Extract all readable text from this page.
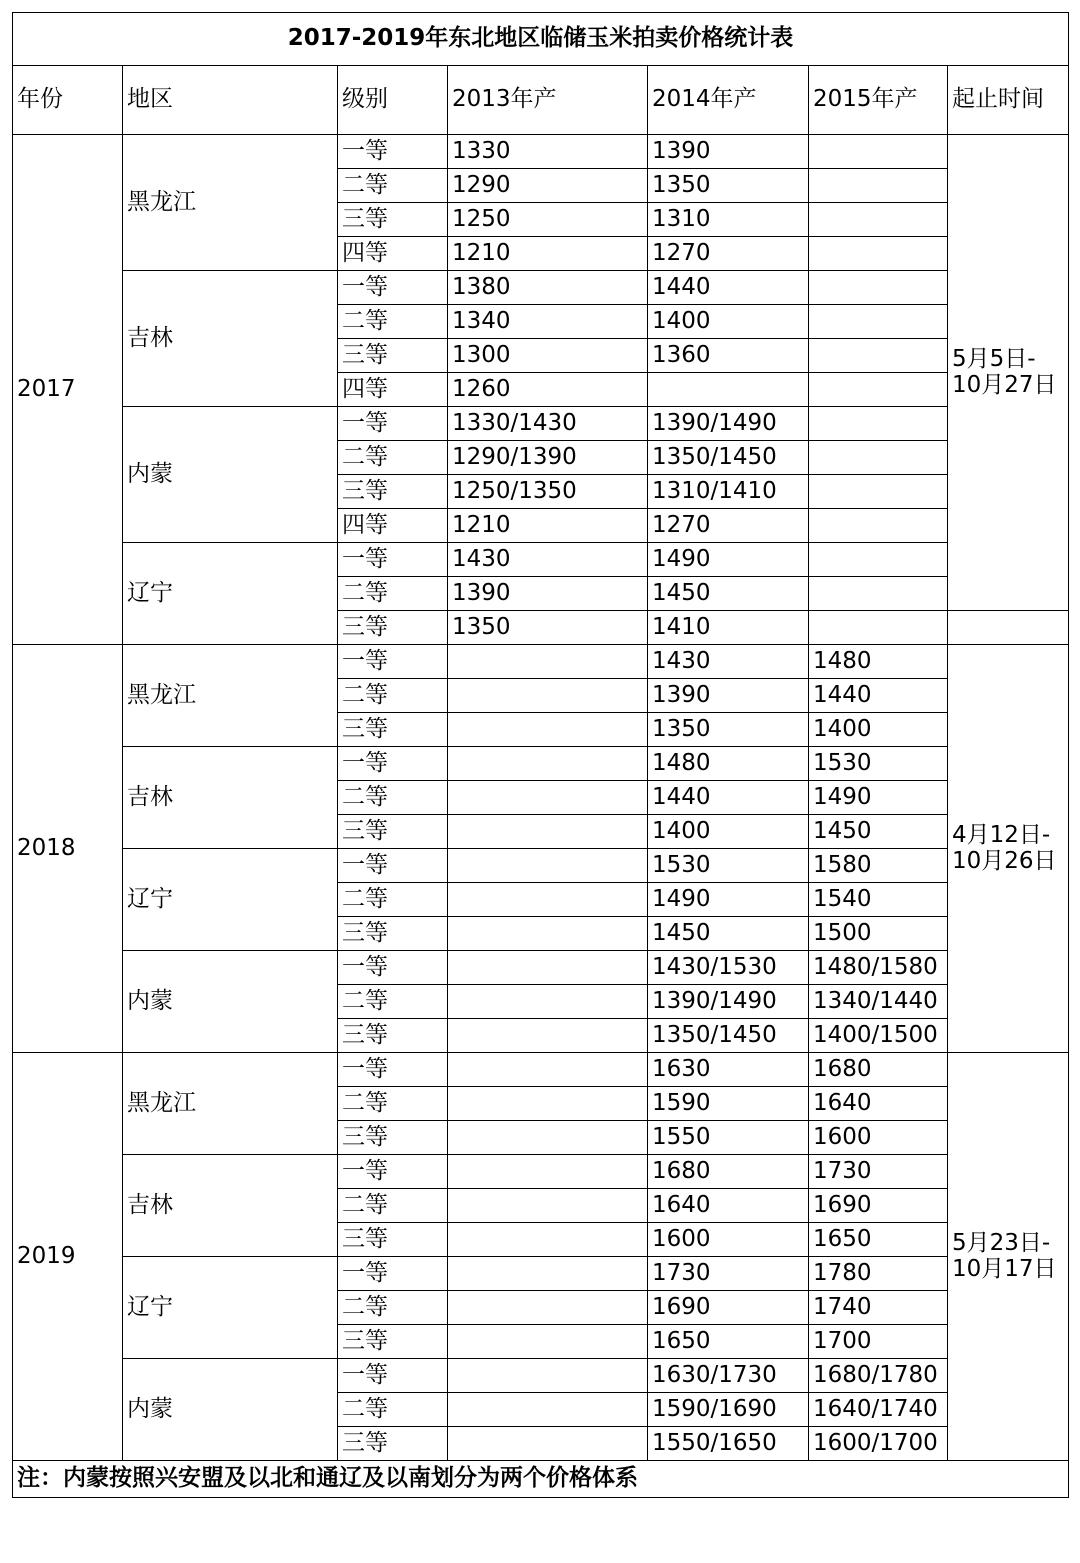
2017-2019年东北地区临储玉米拍卖价格统计表						
年份	地区	级别	2013年产	2014年产	2015年产	起止时间
2017	黑龙江	一等	1330	1390		5月5日-
10月27日

		二等	1290	1350		
		三等	1250	1310		
		四等	1210	1270		
	吉林	一等	1380	1440		
		二等	1340	1400		
		三等	1300	1360		
		四等	1260			
	内蒙	一等	1330/1430	1390/1490		
		二等	1290/1390	1350/1450		
		三等	1250/1350	1310/1410		
		四等	1210	1270		
	辽宁	一等	1430	1490		
		二等	1390	1450		
		三等	1350	1410		
2018	黑龙江	一等		1430	1480	4月12日-
10月26日

		二等		1390	1440	
		三等		1350	1400	
	吉林	一等		1480	1530	
		二等		1440	1490	
		三等		1400	1450	
	辽宁	一等		1530	1580	
		二等		1490	1540	
		三等		1450	1500	
	内蒙	一等		1430/1530	1480/1580	
		二等		1390/1490	1340/1440	
		三等		1350/1450	1400/1500	
2019	黑龙江	一等		1630	1680	5月23日-
10月17日

		二等		1590	1640	
		三等		1550	1600	
	吉林	一等		1680	1730	
		二等		1640	1690	
		三等		1600	1650	
	辽宁	一等		1730	1780	
		二等		1690	1740	
		三等		1650	1700	
	内蒙	一等		1630/1730	1680/1780	
		二等		1590/1690	1640/1740	
		三等		1550/1650	1600/1700	
注：内蒙按照兴安盟及以北和通辽及以南划分为两个价格体系						
